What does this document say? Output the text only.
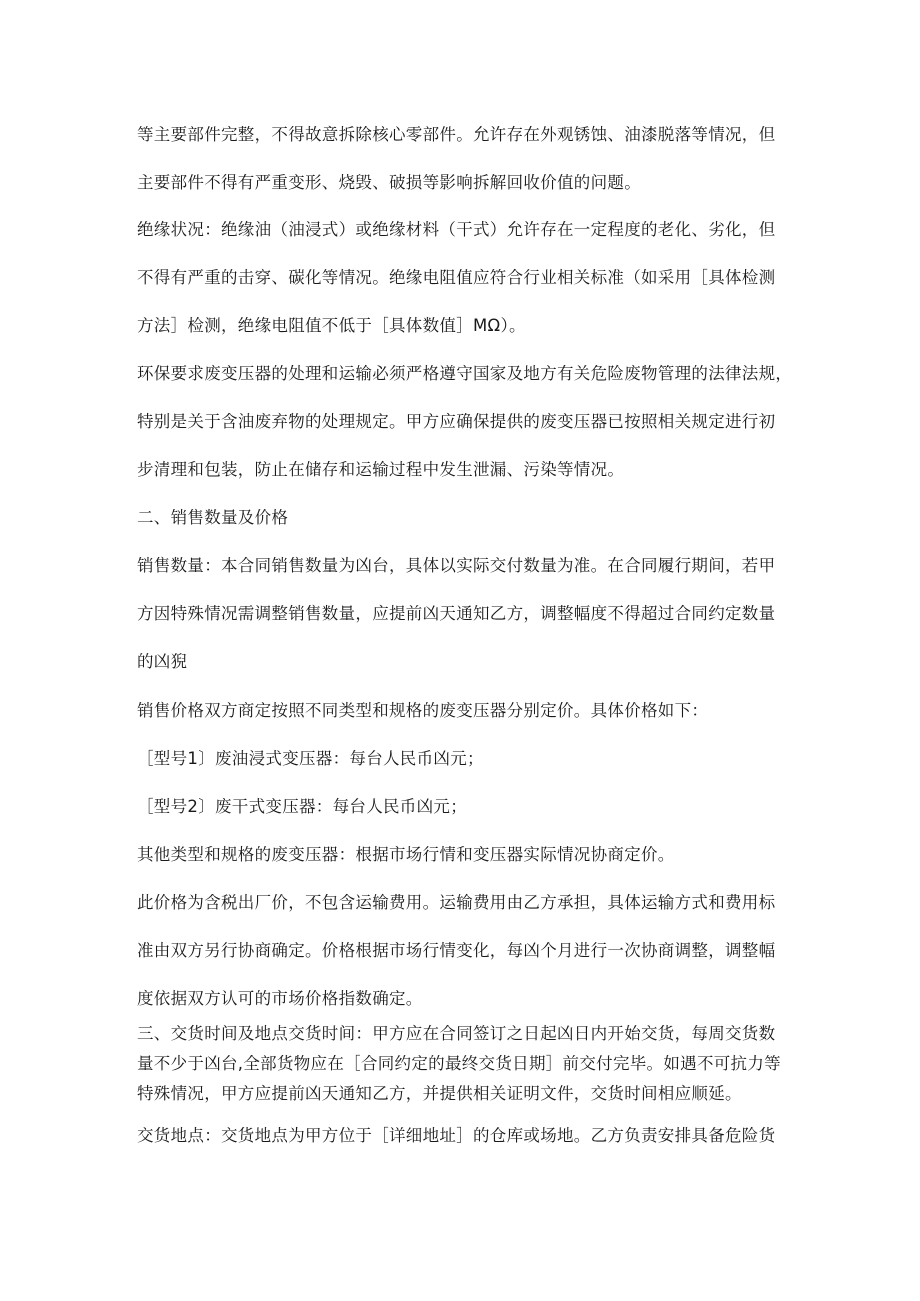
等主要部件完整，不得故意拆除核心零部件。允许存在外观锈蚀、油漆脱落等情况，但
主要部件不得有严重变形、烧毁、破损等影响拆解回收价值的问题。
绝缘状况：绝缘油（油浸式）或绝缘材料（干式）允许存在一定程度的老化、劣化，但
不得有严重的击穿、碳化等情况。绝缘电阻值应符合行业相关标准（如采用［具体检测
方法］检测，绝缘电阻值不低于［具体数值］MΩ）。
环保要求废变压器的处理和运输必须严格遵守国家及地方有关危险废物管理的法律法规，
特别是关于含油废弃物的处理规定。甲方应确保提供的废变压器已按照相关规定进行初
步清理和包装，防止在储存和运输过程中发生泄漏、污染等情况。
二、销售数量及价格
销售数量：本合同销售数量为凶台，具体以实际交付数量为准。在合同履行期间，若甲
方因特殊情况需调整销售数量，应提前凶天通知乙方，调整幅度不得超过合同约定数量
的凶猊
销售价格双方商定按照不同类型和规格的废变压器分别定价。具体价格如下：
［型号1〕废油浸式变压器：每台人民币凶元；
［型号2〕废干式变压器：每台人民币凶元；
其他类型和规格的废变压器：根据市场行情和变压器实际情况协商定价。
此价格为含税出厂价，不包含运输费用。运输费用由乙方承担，具体运输方式和费用标
准由双方另行协商确定。价格根据市场行情变化，每凶个月进行一次协商调整，调整幅
度依据双方认可的市场价格指数确定。
三、交货时间及地点交货时间：甲方应在合同签订之日起凶日内开始交货，每周交货数
量不少于凶台,全部货物应在［合同约定的最终交货日期］前交付完毕。如遇不可抗力等
特殊情况，甲方应提前凶天通知乙方，并提供相关证明文件，交货时间相应顺延。
交货地点：交货地点为甲方位于［详细地址］的仓库或场地。乙方负责安排具备危险货
